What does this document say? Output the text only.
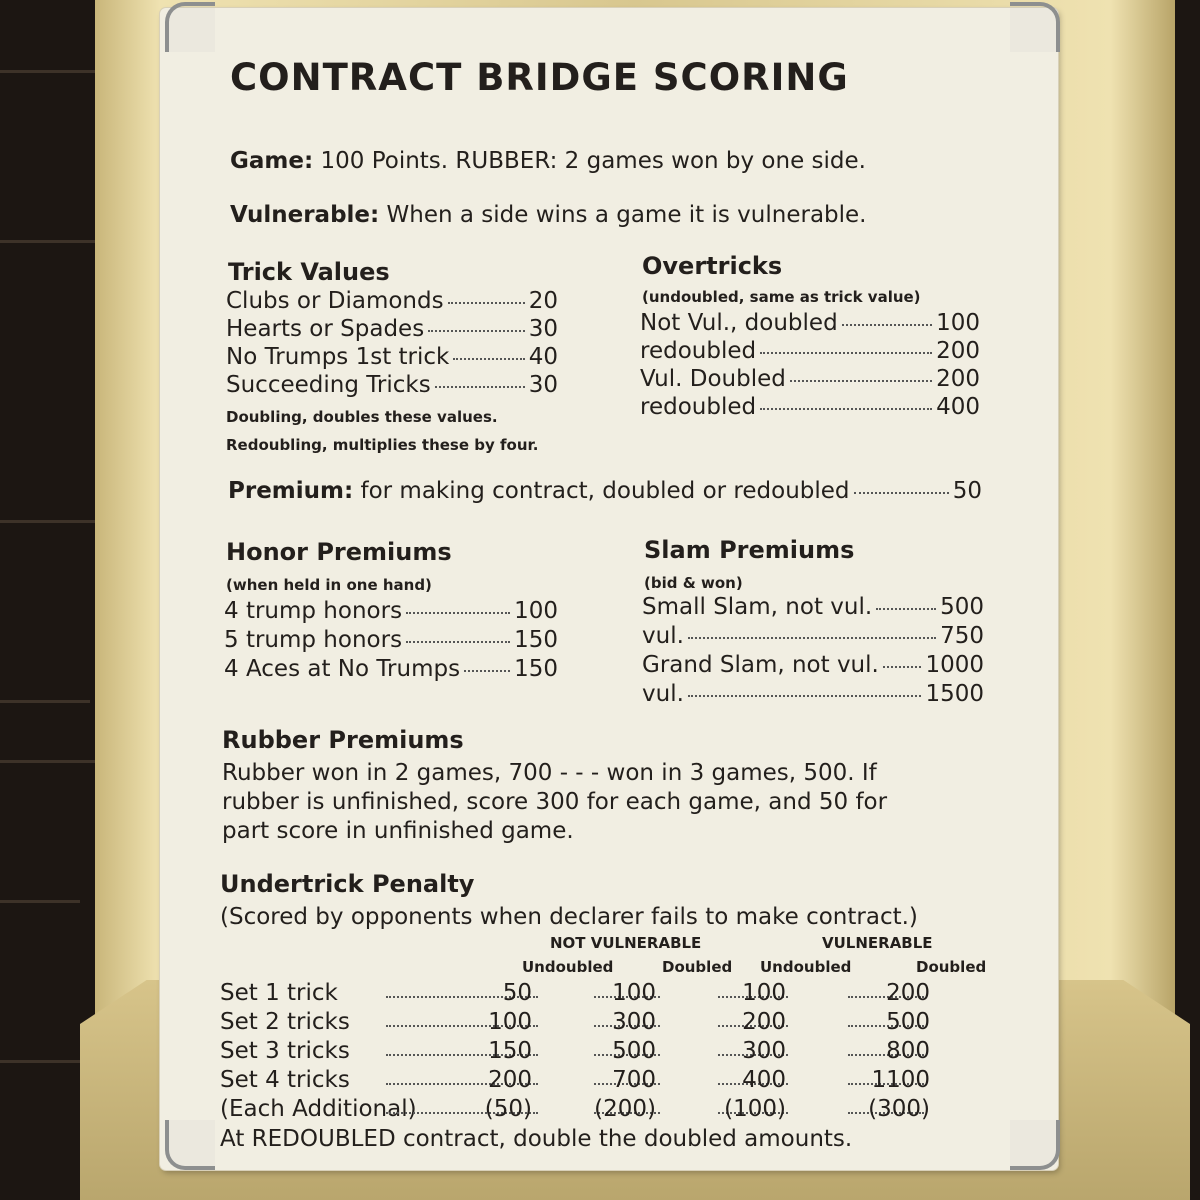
CONTRACT BRIDGE SCORING
Game: 100 Points. RUBBER: 2 games won by one side.
Vulnerable: When a side wins a game it is vulnerable.
Trick Values
Clubs or Diamonds	20
Hearts or Spades	30
No Trumps 1st trick	40
Succeeding Tricks	30
Doubling, doubles these values.
Redoubling, multiplies these by four.
Overtricks
(undoubled, same as trick value)
Not Vul., doubled	100
redoubled	200
Vul. Doubled	200
redoubled	400
Premium: for making contract, doubled or redoubled	50
Honor Premiums
(when held in one hand)
4 trump honors	100
5 trump honors	150
4 Aces at No Trumps 150
Slam Premiums
(bid & won)
Small Slam, not vul.	500
vul.	750
Grand Slam, not vul. 1000
vul.	1500
Rubber Premiums
Rubber won in 2 games, 700 - - - won in 3 games, 500. If
rubber is unfinished, score 300 for each game, and 50 for
part score in unfinished game.
Undertrick Penalty
(Scored by opponents when declarer fails to make contract.)
NOT VULNERABLE	VULNERABLE
Undoubled	Doubled Undoubled	Doubled
Set 1 trick	50	100	100	200
Set 2 tricks	100	300	200	500
Set 3 tricks	150	500	300	800
Set 4 tricks	200	700	400	1100
(Each Additional)	(50)	(200)	(100)	(300)
At REDOUBLED contract, double the doubled amounts.
